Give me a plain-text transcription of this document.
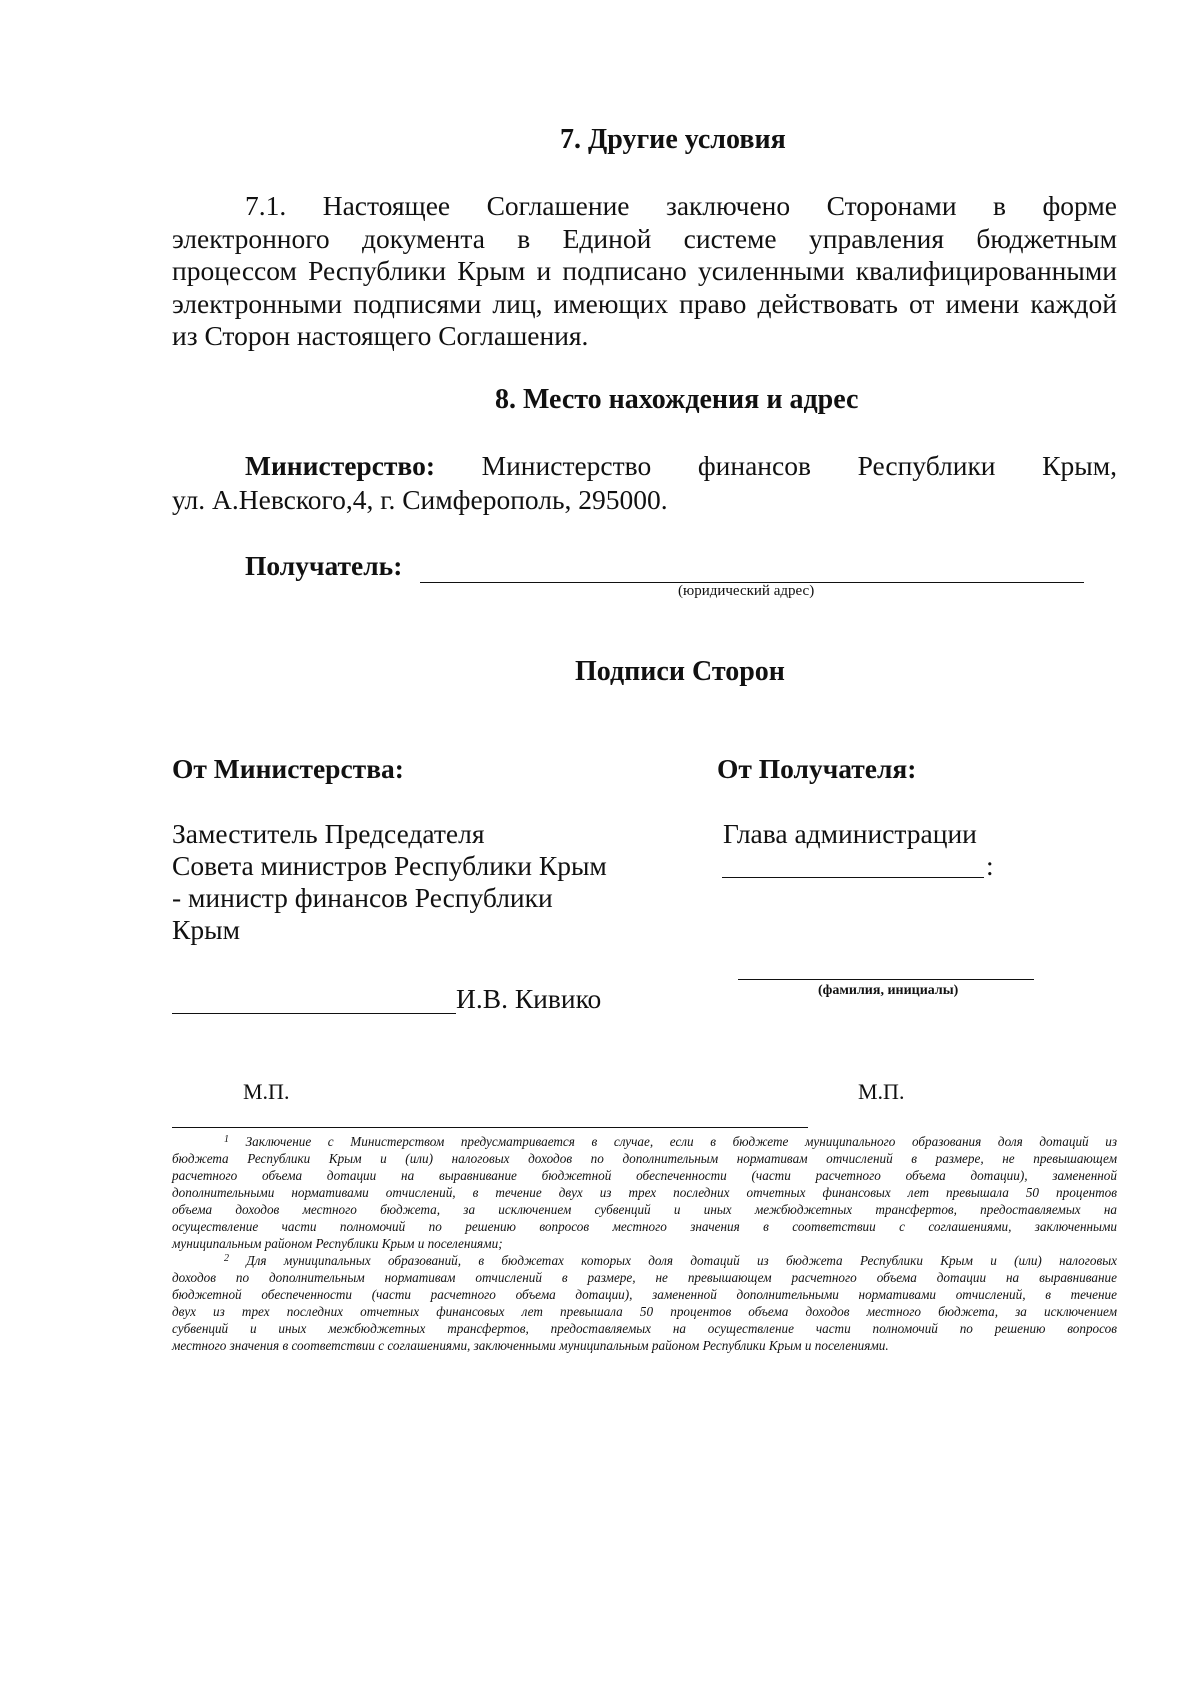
7. Другие условия
7.1. Настоящее Соглашение заключено Сторонами в форме
электронного документа в Единой системе управления бюджетным
процессом Республики Крым и подписано усиленными квалифицированными
электронными подписями лиц, имеющих право действовать от имени каждой
из Сторон настоящего Соглашения.
8. Место нахождения и адрес
Министерство: Министерство финансов Республики Крым,
ул. А.Невского,4, г. Симферополь, 295000.
Получатель:
(юридический адрес)
Подписи Сторон
От Министерства:
Заместитель Председателя
Совета министров Республики Крым
- министр финансов Республики
Крым
И.В. Кивико
М.П.
От Получателя:
Глава администрации
:
(фамилия, инициалы)
М.П.
$^1$ Заключение с Министерством предусматривается в случае, если в бюджете муниципального образования доля дотаций из
бюджета Республики Крым и (или) налоговых доходов по дополнительным нормативам отчислений в размере, не превышающем
расчетного объема дотации на выравнивание бюджетной обеспеченности (части расчетного объема дотации), замененной
дополнительными нормативами отчислений, в течение двух из трех последних отчетных финансовых лет превышала 50 процентов
объема доходов местного бюджета, за исключением субвенций и иных межбюджетных трансфертов, предоставляемых на
осуществление части полномочий по решению вопросов местного значения в соответствии с соглашениями, заключенными
муниципальным районом Республики Крым и поселениями;
$^2$ Для муниципальных образований, в бюджетах которых доля дотаций из бюджета Республики Крым и (или) налоговых
доходов по дополнительным нормативам отчислений в размере, не превышающем расчетного объема дотации на выравнивание
бюджетной обеспеченности (части расчетного объема дотации), замененной дополнительными нормативами отчислений, в течение
двух из трех последних отчетных финансовых лет превышала 50 процентов объема доходов местного бюджета, за исключением
субвенций и иных межбюджетных трансфертов, предоставляемых на осуществление части полномочий по решению вопросов
местного значения в соответствии с соглашениями, заключенными муниципальным районом Республики Крым и поселениями.
